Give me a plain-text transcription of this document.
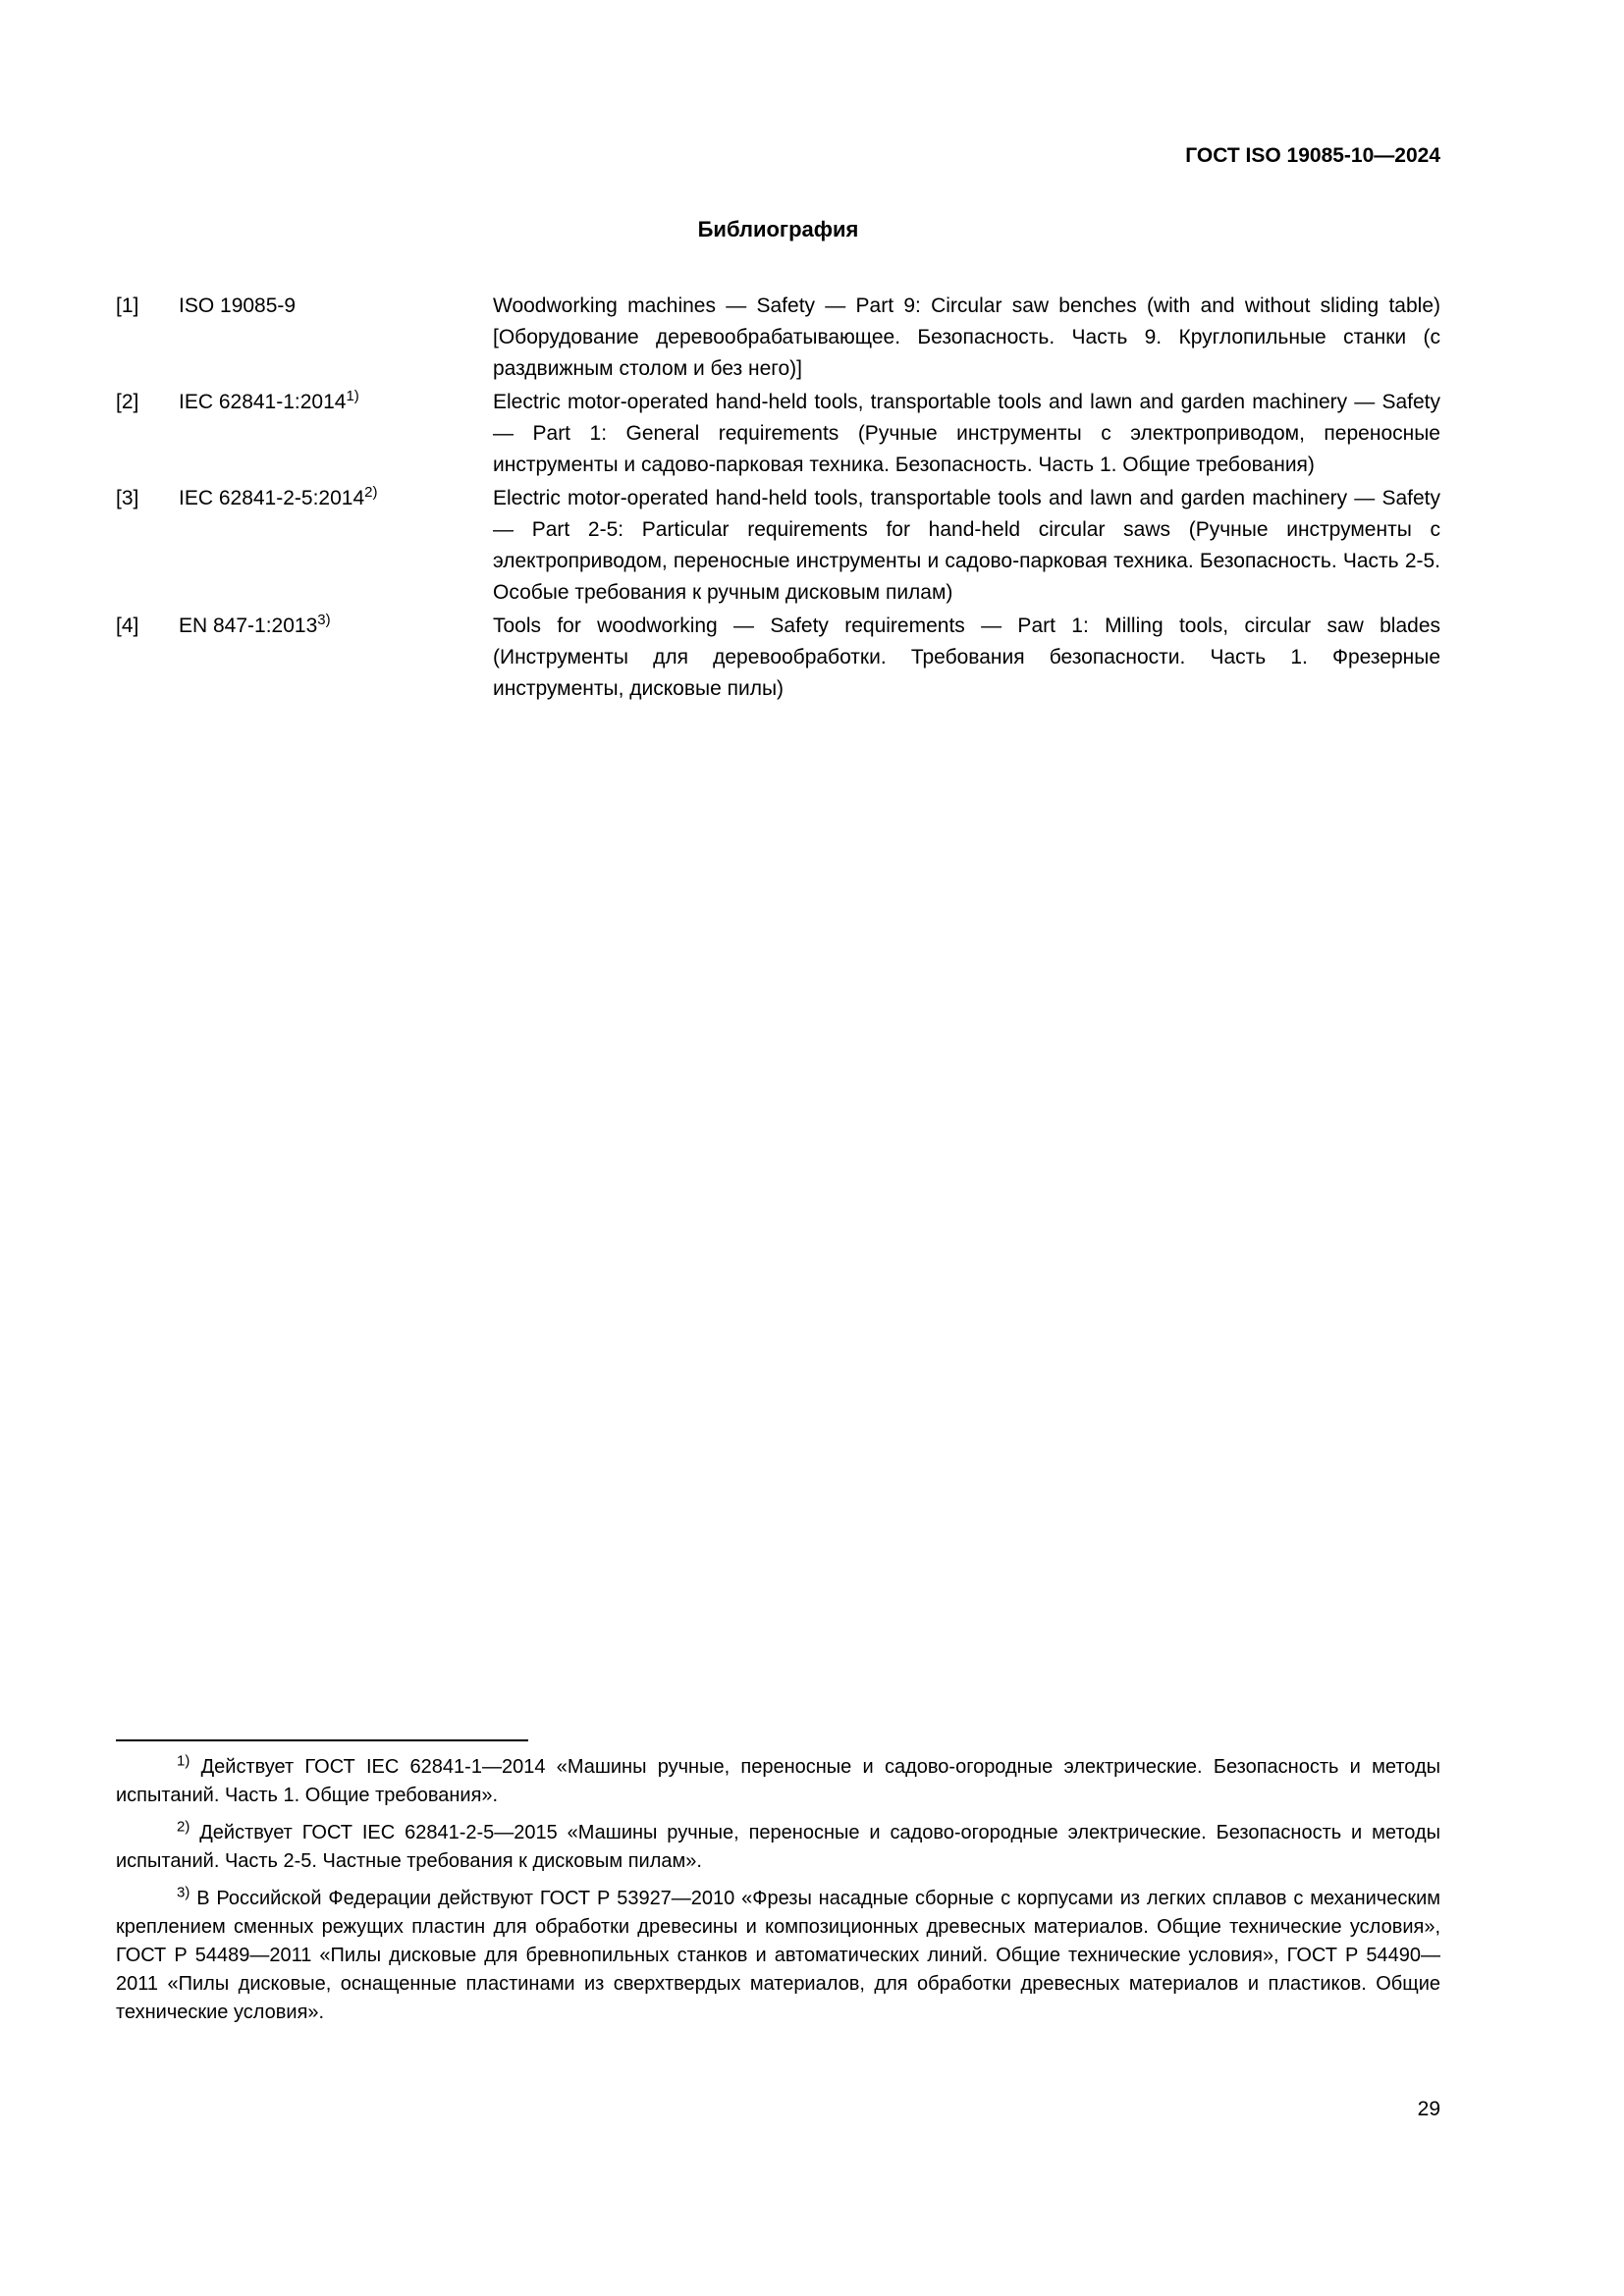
ГОСТ ISO 19085-10—2024
Библиография
[1]	ISO 19085-9	Woodworking machines — Safety — Part 9: Circular saw benches (with and without sliding table) [Оборудование деревообрабатывающее. Безопасность. Часть 9. Круглопильные станки (с раздвижным столом и без него)]
[2]	IEC 62841-1:2014$^{1)}$	Electric motor-operated hand-held tools, transportable tools and lawn and garden machinery — Safety — Part 1: General requirements (Ручные инструменты с электроприводом, переносные инструменты и садово-парковая техника. Безопасность. Часть 1. Общие требования)
[3]	IEC 62841-2-5:2014$^{2)}$	Electric motor-operated hand-held tools, transportable tools and lawn and garden machinery — Safety — Part 2-5: Particular requirements for hand-held circular saws (Ручные инструменты с электроприводом, переносные инструменты и садово-парковая техника. Безопасность. Часть 2-5. Особые требования к ручным дисковым пилам)
[4]	EN 847-1:2013$^{3)}$	Tools for woodworking — Safety requirements — Part 1: Milling tools, circular saw blades (Инструменты для деревообработки. Требования безопасности. Часть 1. Фрезерные инструменты, дисковые пилы)

$^{1)}$ Действует ГОСТ IEC 62841-1—2014 «Машины ручные, переносные и садово-огородные электрические. Безопасность и методы испытаний. Часть 1. Общие требования».

$^{2)}$ Действует ГОСТ IEC 62841-2-5—2015 «Машины ручные, переносные и садово-огородные электрические. Безопасность и методы испытаний. Часть 2-5. Частные требования к дисковым пилам».

$^{3)}$ В Российской Федерации действуют ГОСТ Р 53927—2010 «Фрезы насадные сборные с корпусами из легких сплавов с механическим креплением сменных режущих пластин для обработки древесины и композиционных древесных материалов. Общие технические условия», ГОСТ Р 54489—2011 «Пилы дисковые для бревнопильных станков и автоматических линий. Общие технические условия», ГОСТ Р 54490—2011 «Пилы дисковые, оснащенные пластинами из сверхтвердых материалов, для обработки древесных материалов и пластиков. Общие технические условия».

29
